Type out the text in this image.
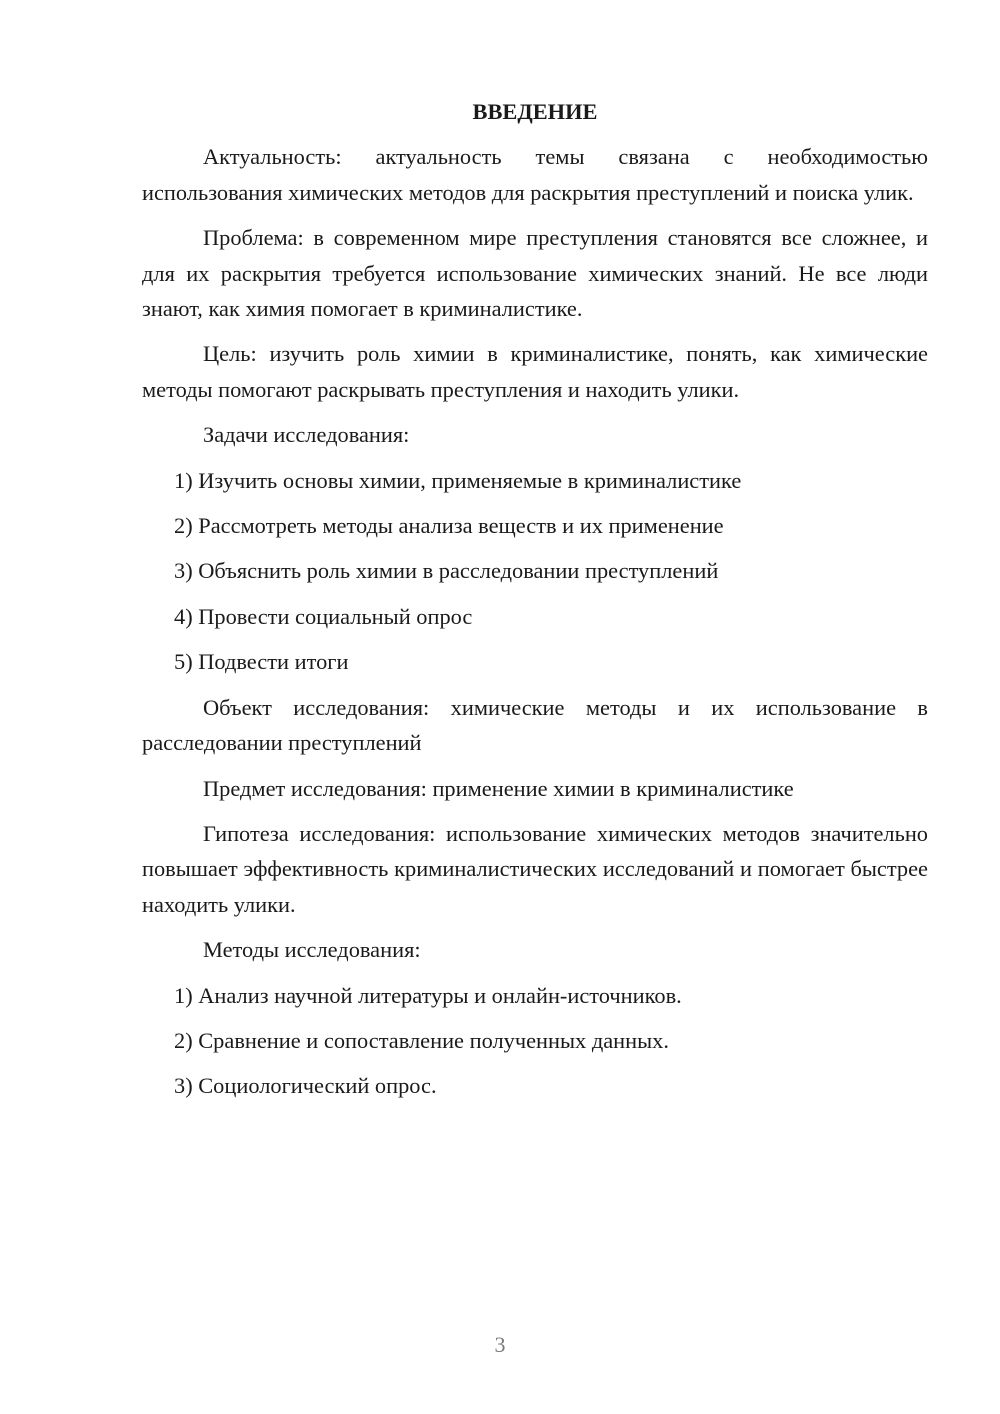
ВВЕДЕНИЕ

Актуальность: актуальность темы связана с необходимостью использования химических методов для раскрытия преступлений и поиска улик.

Проблема: в современном мире преступления становятся все сложнее, и для их раскрытия требуется использование химических знаний. Не все люди знают, как химия помогает в криминалистике.

Цель: изучить роль химии в криминалистике, понять, как химические методы помогают раскрывать преступления и находить улики.

Задачи исследования:

1) Изучить основы химии, применяемые в криминалистике
2) Рассмотреть методы анализа веществ и их применение
3) Объяснить роль химии в расследовании преступлений
4) Провести социальный опрос
5) Подвести итоги

Объект исследования: химические методы и их использование в расследовании преступлений

Предмет исследования: применение химии в криминалистике

Гипотеза исследования: использование химических методов значительно повышает эффективность криминалистических исследований и помогает быстрее находить улики.

Методы исследования:

1) Анализ научной литературы и онлайн-источников.
2) Сравнение и сопоставление полученных данных.
3) Социологический опрос.
3
